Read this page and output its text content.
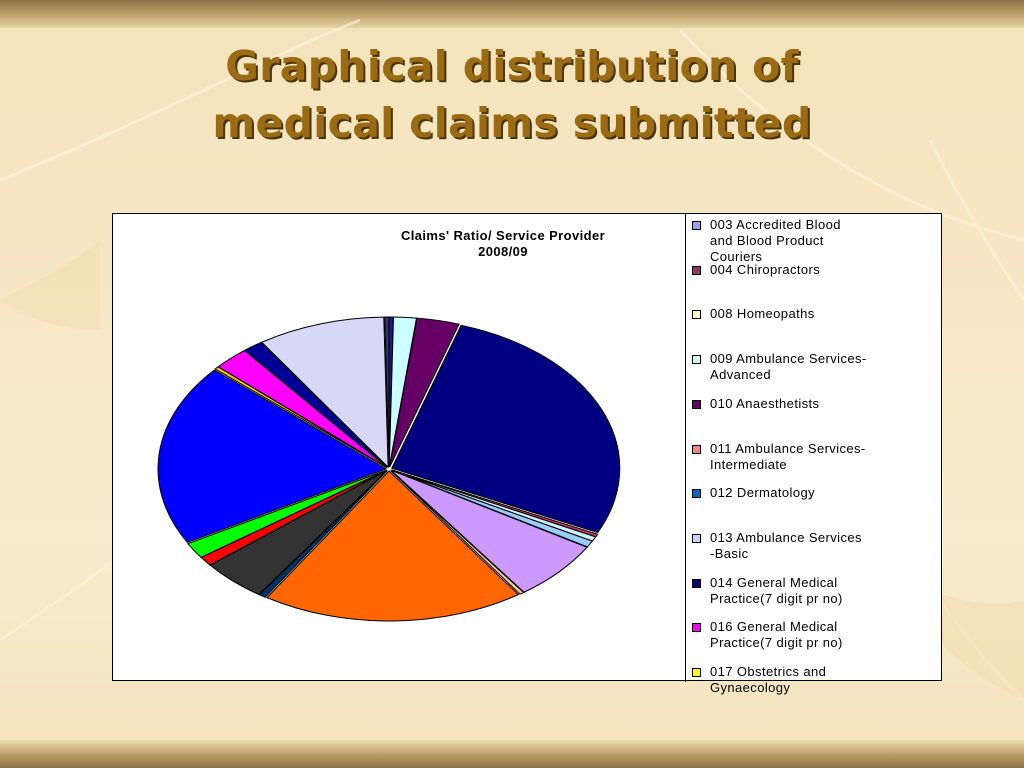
Graphical distribution of
medical claims submitted
Claims' Ratio/ Service Provider
2008/09
003 Accredited Blood
and Blood Product
Couriers
004 Chiropractors
008 Homeopaths
009 Ambulance Services-
Advanced
010 Anaesthetists
011 Ambulance Services-
Intermediate
012 Dermatology
013 Ambulance Services
-Basic
014 General Medical
Practice(7 digit pr no)
016 General Medical
Practice(7 digit pr no)
017 Obstetrics and
Gynaecology
